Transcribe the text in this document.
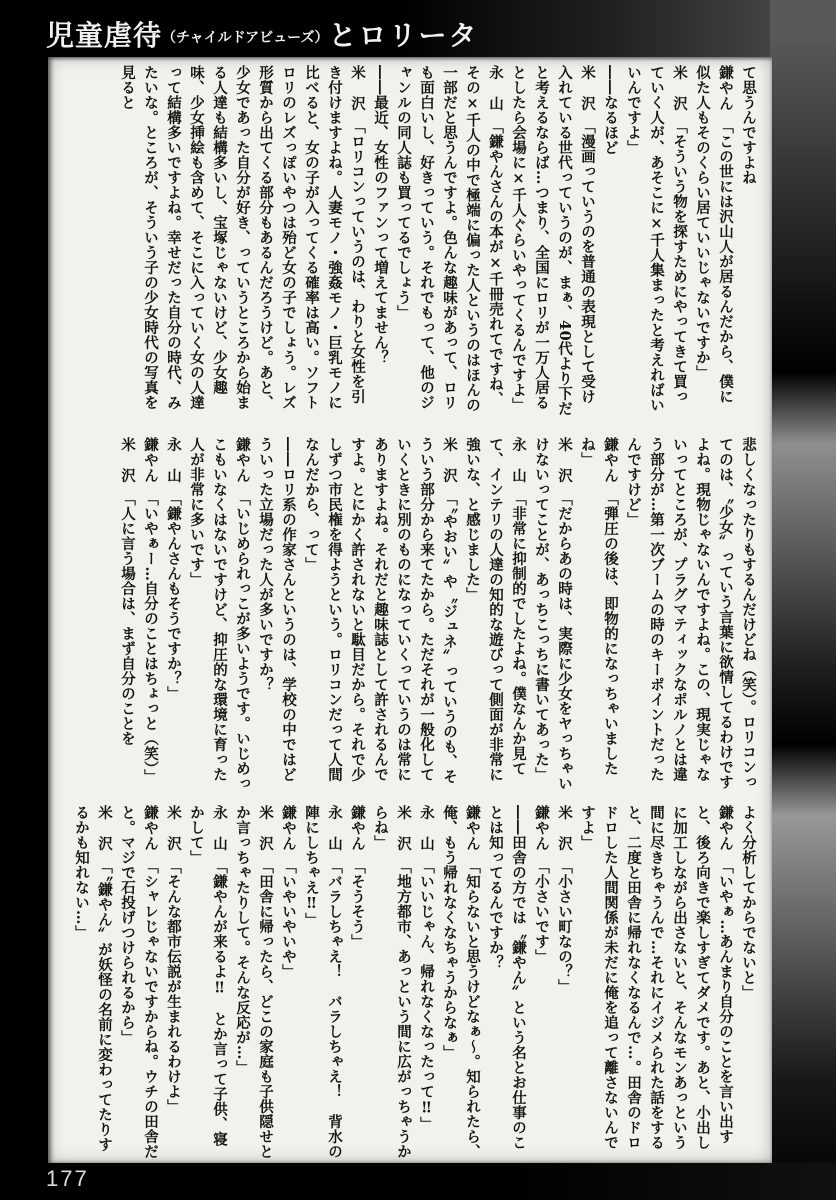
児童虐待（チャイルドアビューズ）とロリータ

て思うんですよね

鎌やん「この世には沢山人が居るんだから、僕に似た人もそのくらい居ていいじゃないですか」

米　沢「そういう物を探すためにやってきて買っていく人が、あそこに×千人集まったと考えればいいんですよ」

――なるほど

米　沢「漫画っていうのを普通の表現として受け入れている世代っていうのが、まぁ、40代より下だと考えるならば…つまり、全国にロリが一万人居るとしたら会場に×千人ぐらいやってくるんですよ」

永　山「鎌やんさんの本が×千冊売れてですね、その×千人の中で極端に偏った人というのはほんの一部だと思うんですよ。色んな趣味があって、ロリも面白いし、好きっていう。それでもって、他のジャンルの同人誌も買ってるでしょう」

――最近、女性のファンって増えてません？

米　沢「ロリコンっていうのは、わりと女性を引き付けますよね。人妻モノ・強姦モノ・巨乳モノに比べると、女の子が入ってくる確率は高い。ソフトロリのレズっぽいやつは殆ど女の子でしょう。レズ形質から出てくる部分もあるんだろうけど。あと、少女であった自分が好き、っていうところから始まる人達も結構多いし、宝塚じゃないけど、少女趣味、少女挿絵も含めて、そこに入っていく女の人達って結構多いですよね。幸せだった自分の時代、みたいな。ところが、そういう子の少女時代の写真を見ると

悲しくなったりもするんだけどね（笑）。ロリコンってのは、〝少女〟っていう言葉に欲情してるわけですよね。現物じゃないんですよね。この、現実じゃないってところが、プラグマティックなポルノとは違う部分が…第一次ブームの時のキーポイントだったんですけど」

鎌やん「弾圧の後は、即物的になっちゃいましたね」

米　沢「だからあの時は、実際に少女をヤっちゃいけないってことが、あっちこっちに書いてあった」

永　山「非常に抑制的でしたよね。僕なんか見てて、インテリの人達の知的な遊びって側面が非常に強いな、と感じました」

米　沢「〝やおい〟や〝ジュネ〟っていうのも、そういう部分から来てたから。ただそれが一般化していくときに別のものになっていくっていうのは常にありますよね。それだと趣味誌として許されるんですよ。とにかく許されないと駄目だから。それで少しずつ市民権を得ようという。ロリコンだって人間なんだから、って」

――ロリ系の作家さんというのは、学校の中ではどういった立場だった人が多いですか？

鎌やん「いじめられっこが多いようです。いじめっこもいなくはないですけど、抑圧的な環境に育った人が非常に多いです」

永　山「鎌やんさんもそうですか？」

鎌やん「いやぁー…自分のことはちょっと（笑）」

米　沢「人に言う場合は、まず自分のことを

よく分析してからでないと」

鎌やん「いやぁ…あんまり自分のことを言い出すと、後ろ向きで楽しすぎてダメです。あと、小出しに加工しながら出さないと、そんなモンあっという間に尽きちゃうんで…それにイジメられた話をすると、二度と田舎に帰れなくなるんで…。田舎のドロドロした人間関係が未だに俺を追って離さないんですよ」

米　沢「小さい町なの？」

鎌やん「小さいです」

――田舎の方では〝鎌やん〟という名とお仕事のことは知ってるんですか？

鎌やん「知らないと思うけどなぁ～。知られたら、俺、もう帰れなくなちゃうからなぁ」

永　山「いいじゃん、帰れなくなったって‼」

米　沢「地方都市、あっという間に広がっちゃうからね」

鎌やん「そうそう」

永　山「バラしちゃえ！　バラしちゃえ！　背水の陣にしちゃえ‼」

鎌やん「いやいやいや」

米　沢「田舎に帰ったら、どこの家庭も子供隠せとか言っちゃたりして。そんな反応が…」

永　山「鎌やんが来るよ‼　とか言って子供、寝かして」

米　沢「そんな都市伝説が生まれるわけよ」

鎌やん「シャレじゃないですからね。ウチの田舎だと。マジで石投げつけられるから」

米　沢「〝鎌やん〟が妖怪の名前に変わってたりするかも知れない…」

177
